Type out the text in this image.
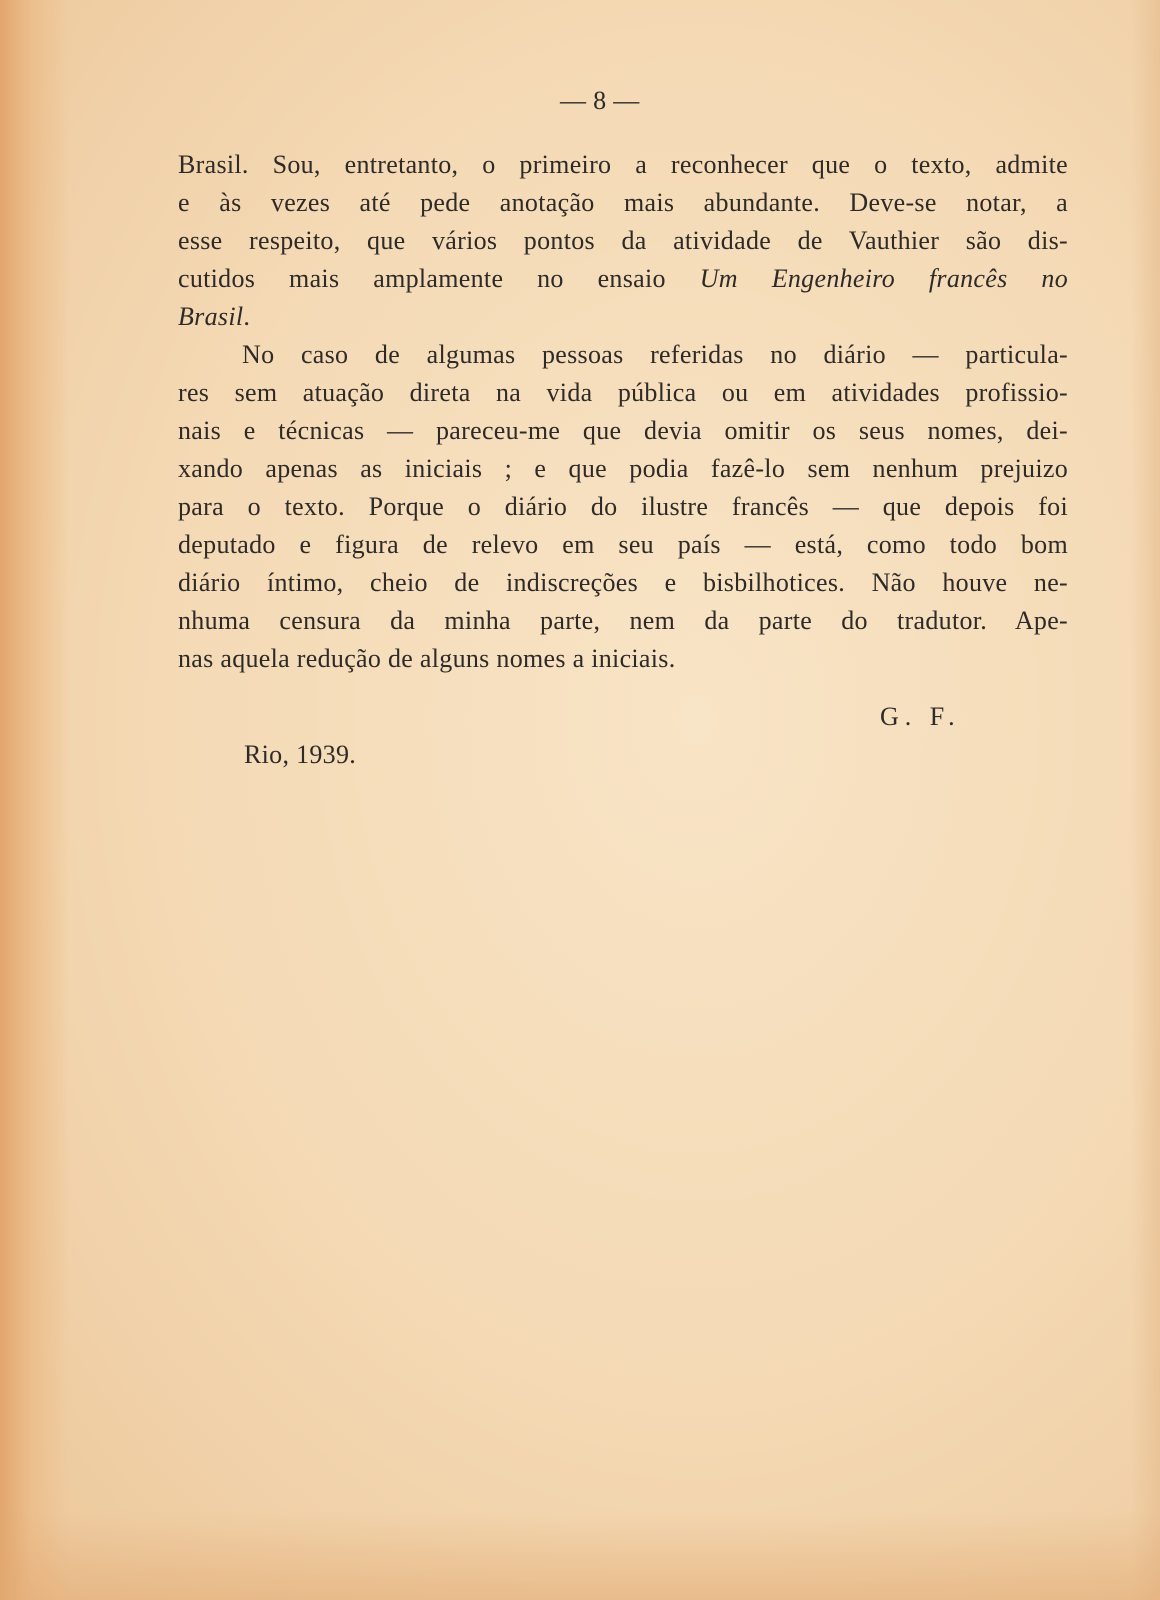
— 8 —
Brasil. Sou, entretanto, o primeiro a reconhecer que o texto, admite
e às vezes até pede anotação mais abundante. Deve-se notar, a
esse respeito, que vários pontos da atividade de Vauthier são dis-
cutidos mais amplamente no ensaio Um Engenheiro francês no
Brasil.
No caso de algumas pessoas referidas no diário — particula-
res sem atuação direta na vida pública ou em atividades profissio-
nais e técnicas — pareceu-me que devia omitir os seus nomes, dei-
xando apenas as iniciais ; e que podia fazê-lo sem nenhum prejuizo
para o texto. Porque o diário do ilustre francês — que depois foi
deputado e figura de relevo em seu país — está, como todo bom
diário íntimo, cheio de indiscreções e bisbilhotices. Não houve ne-
nhuma censura da minha parte, nem da parte do tradutor. Ape-
nas aquela redução de alguns nomes a iniciais.
G. F.
Rio, 1939.
